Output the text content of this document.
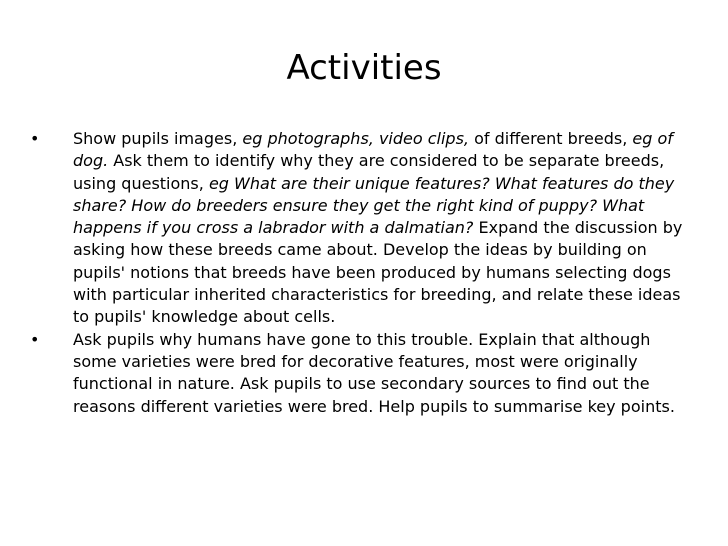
Activities
•	Show pupils images, eg photographs, video clips, of different breeds, eg of dog. Ask them to identify why they are considered to be separate breeds, using questions, eg What are their unique features? What features do they share? How do breeders ensure they get the right kind of puppy? What happens if you cross a labrador with a dalmatian? Expand the discussion by asking how these breeds came about. Develop the ideas by building on pupils' notions that breeds have been produced by humans selecting dogs with particular inherited characteristics for breeding, and relate these ideas to pupils' knowledge about cells.
•	Ask pupils why humans have gone to this trouble. Explain that although some varieties were bred for decorative features, most were originally functional in nature. Ask pupils to use secondary sources to find out the reasons different varieties were bred. Help pupils to summarise key points.
